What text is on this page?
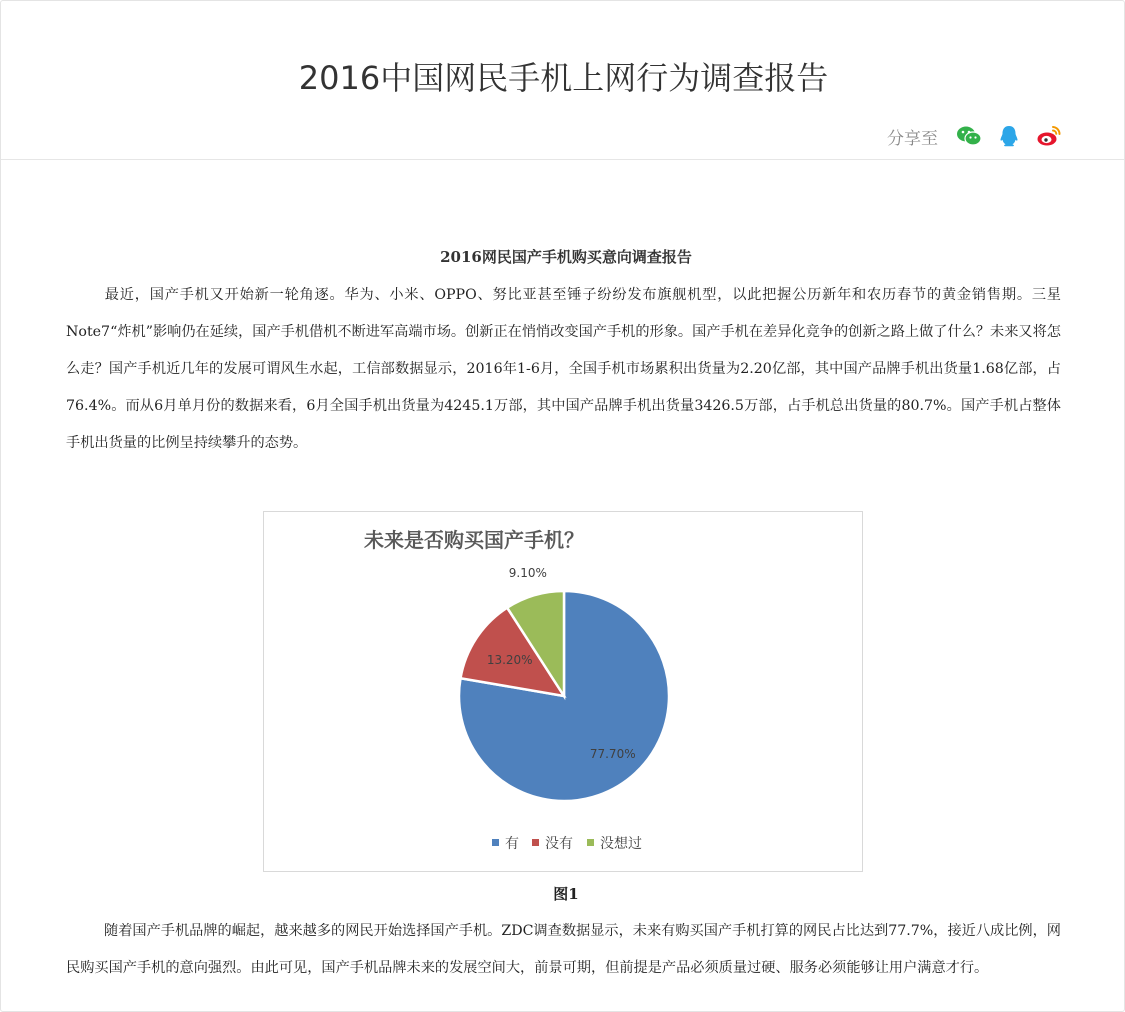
2016中国网民手机上网行为调查报告
分享至
2016网民国产手机购买意向调查报告

最近，国产手机又开始新一轮角逐。华为、小米、OPPO、努比亚甚至锤子纷纷发布旗舰机型，以此把握公历新年和农历春节的黄金销售期。三星Note7“炸机”影响仍在延续，国产手机借机不断进军高端市场。创新正在悄悄改变国产手机的形象。国产手机在差异化竞争的创新之路上做了什么？未来又将怎么走？国产手机近几年的发展可谓风生水起，工信部数据显示，2016年1-6月，全国手机市场累积出货量为2.20亿部，其中国产品牌手机出货量1.68亿部，占76.4%。而从6月单月份的数据来看，6月全国手机出货量为4245.1万部，其中国产品牌手机出货量3426.5万部，占手机总出货量的80.7%。国产手机占整体手机出货量的比例呈持续攀升的态势。

未来是否购买国产手机？
77.70%
13.20%
9.10%
有 没有 没想过
图1

随着国产手机品牌的崛起，越来越多的网民开始选择国产手机。ZDC调查数据显示，未来有购买国产手机打算的网民占比达到77.7%，接近八成比例，网民购买国产手机的意向强烈。由此可见，国产手机品牌未来的发展空间大，前景可期，但前提是产品必须质量过硬、服务必须能够让用户满意才行。
